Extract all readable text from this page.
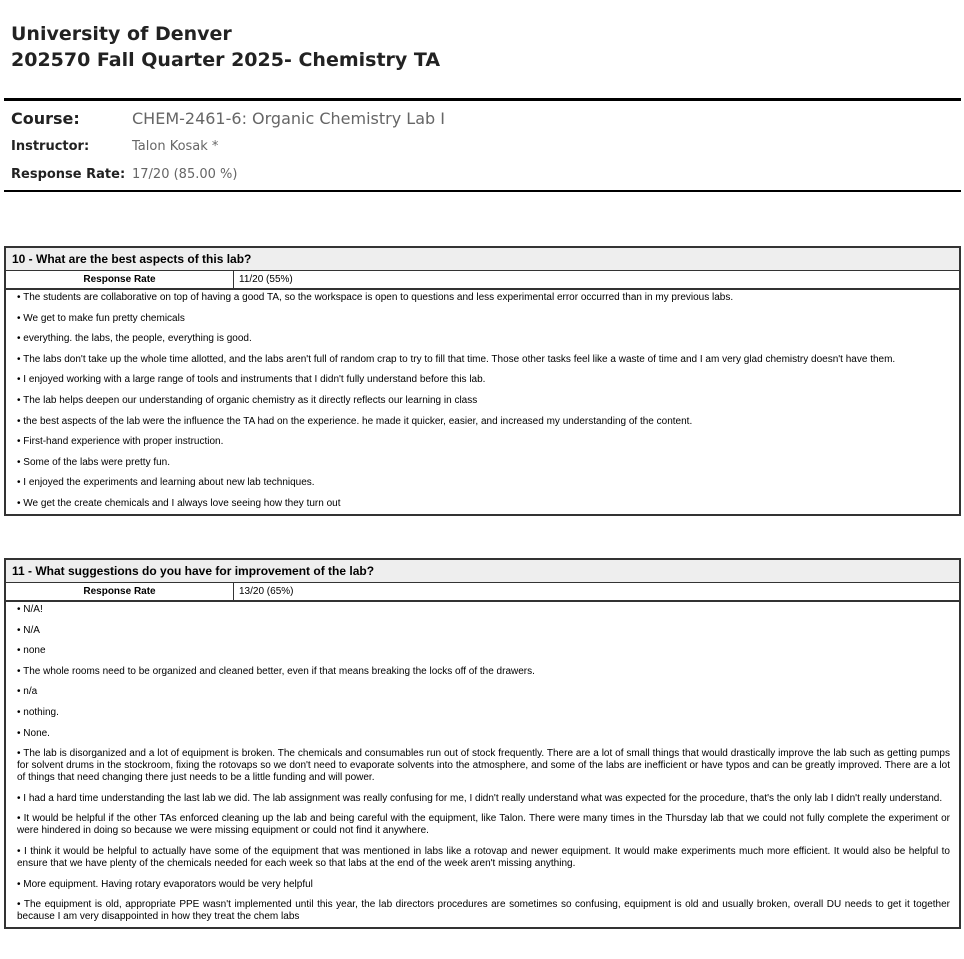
University of Denver
202570 Fall Quarter 2025- Chemistry TA
Course:	CHEM-2461-6: Organic Chemistry Lab I
Instructor:	Talon Kosak *
Response Rate: 17/20 (85.00 %)
10 - What are the best aspects of this lab?
Response Rate	11/20 (55%)
• The students are collaborative on top of having a good TA, so the workspace is open to questions and less experimental error occurred than in my previous labs.
• We get to make fun pretty chemicals
• everything. the labs, the people, everything is good.
• The labs don't take up the whole time allotted, and the labs aren't full of random crap to try to fill that time. Those other tasks feel like a waste of time and I am very glad chemistry doesn't have them.
• I enjoyed working with a large range of tools and instruments that I didn't fully understand before this lab.
• The lab helps deepen our understanding of organic chemistry as it directly reflects our learning in class
• the best aspects of the lab were the influence the TA had on the experience. he made it quicker, easier, and increased my understanding of the content.
• First-hand experience with proper instruction.
• Some of the labs were pretty fun.
• I enjoyed the experiments and learning about new lab techniques.
• We get the create chemicals and I always love seeing how they turn out
11 - What suggestions do you have for improvement of the lab?
Response Rate	13/20 (65%)
• N/A!
• N/A
• none
• The whole rooms need to be organized and cleaned better, even if that means breaking the locks off of the drawers.
• n/a
• nothing.
• None.
• The lab is disorganized and a lot of equipment is broken. The chemicals and consumables run out of stock frequently. There are a lot of small things that would drastically improve the lab such as getting pumps for solvent drums in the stockroom, fixing the rotovaps so we don't need to evaporate solvents into the atmosphere, and some of the labs are inefficient or have typos and can be greatly improved. There are a lot of things that need changing there just needs to be a little funding and will power.
• I had a hard time understanding the last lab we did. The lab assignment was really confusing for me, I didn't really understand what was expected for the procedure, that's the only lab I didn't really understand.
• It would be helpful if the other TAs enforced cleaning up the lab and being careful with the equipment, like Talon. There were many times in the Thursday lab that we could not fully complete the experiment or were hindered in doing so because we were missing equipment or could not find it anywhere.
• I think it would be helpful to actually have some of the equipment that was mentioned in labs like a rotovap and newer equipment. It would make experiments much more efficient. It would also be helpful to ensure that we have plenty of the chemicals needed for each week so that labs at the end of the week aren't missing anything.
• More equipment. Having rotary evaporators would be very helpful
• The equipment is old, appropriate PPE wasn't implemented until this year, the lab directors procedures are sometimes so confusing, equipment is old and usually broken, overall DU needs to get it together because I am very disappointed in how they treat the chem labs
